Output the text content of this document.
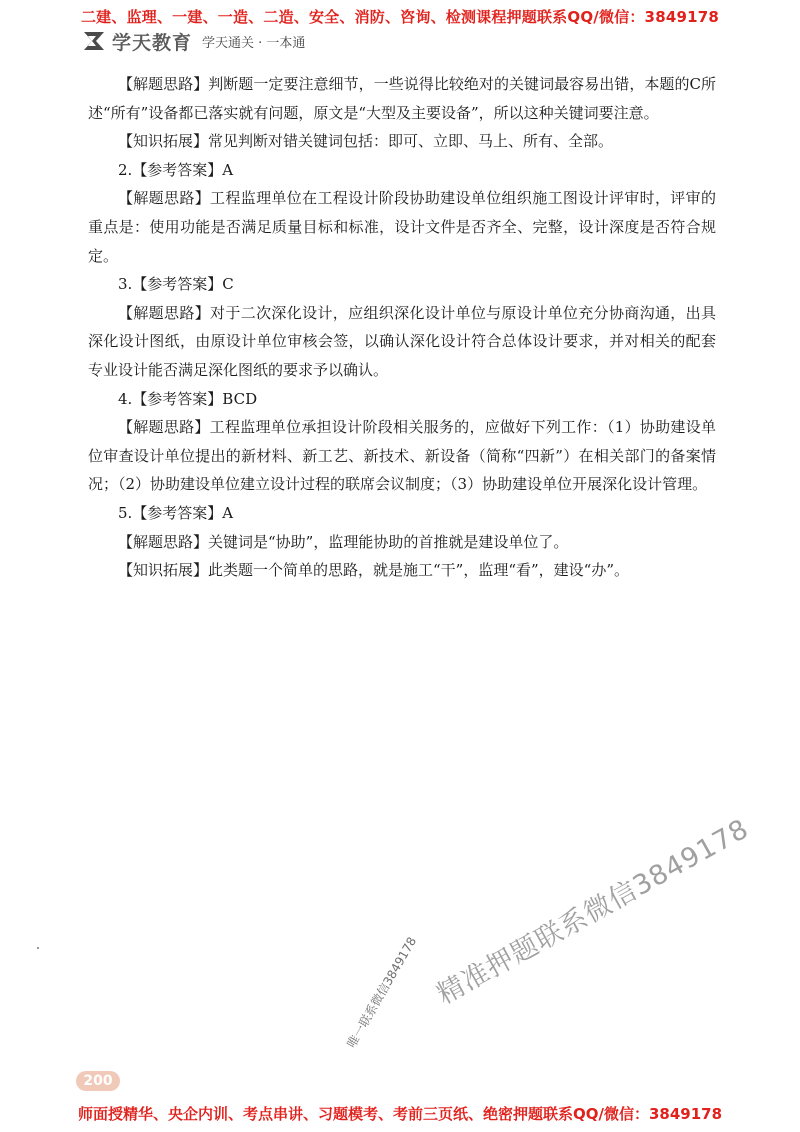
二建、监理、一建、一造、二造、安全、消防、咨询、检测课程押题联系QQ/微信：3849178
学天教育 学天通关 · 一本通

【解题思路】判断题一定要注意细节，一些说得比较绝对的关键词最容易出错，本题的C所述“所有”设备都已落实就有问题，原文是“大型及主要设备”，所以这种关键词要注意。

【知识拓展】常见判断对错关键词包括：即可、立即、马上、所有、全部。

2.【参考答案】A

【解题思路】工程监理单位在工程设计阶段协助建设单位组织施工图设计评审时，评审的重点是：使用功能是否满足质量目标和标准，设计文件是否齐全、完整，设计深度是否符合规定。

3.【参考答案】C

【解题思路】对于二次深化设计，应组织深化设计单位与原设计单位充分协商沟通，出具深化设计图纸，由原设计单位审核会签，以确认深化设计符合总体设计要求，并对相关的配套专业设计能否满足深化图纸的要求予以确认。

4.【参考答案】BCD

【解题思路】工程监理单位承担设计阶段相关服务的，应做好下列工作：（1）协助建设单位审查设计单位提出的新材料、新工艺、新技术、新设备（简称“四新”）在相关部门的备案情况；（2）协助建设单位建立设计过程的联席会议制度；（3）协助建设单位开展深化设计管理。

5.【参考答案】A

【解题思路】关键词是“协助”，监理能协助的首推就是建设单位了。

【知识拓展】此类题一个简单的思路，就是施工“干”，监理“看”，建设“办”。

精准押题联系微信3849178
唯一联系微信3849178
200
师面授精华、央企内训、考点串讲、习题模考、考前三页纸、绝密押题联系QQ/微信：3849178
